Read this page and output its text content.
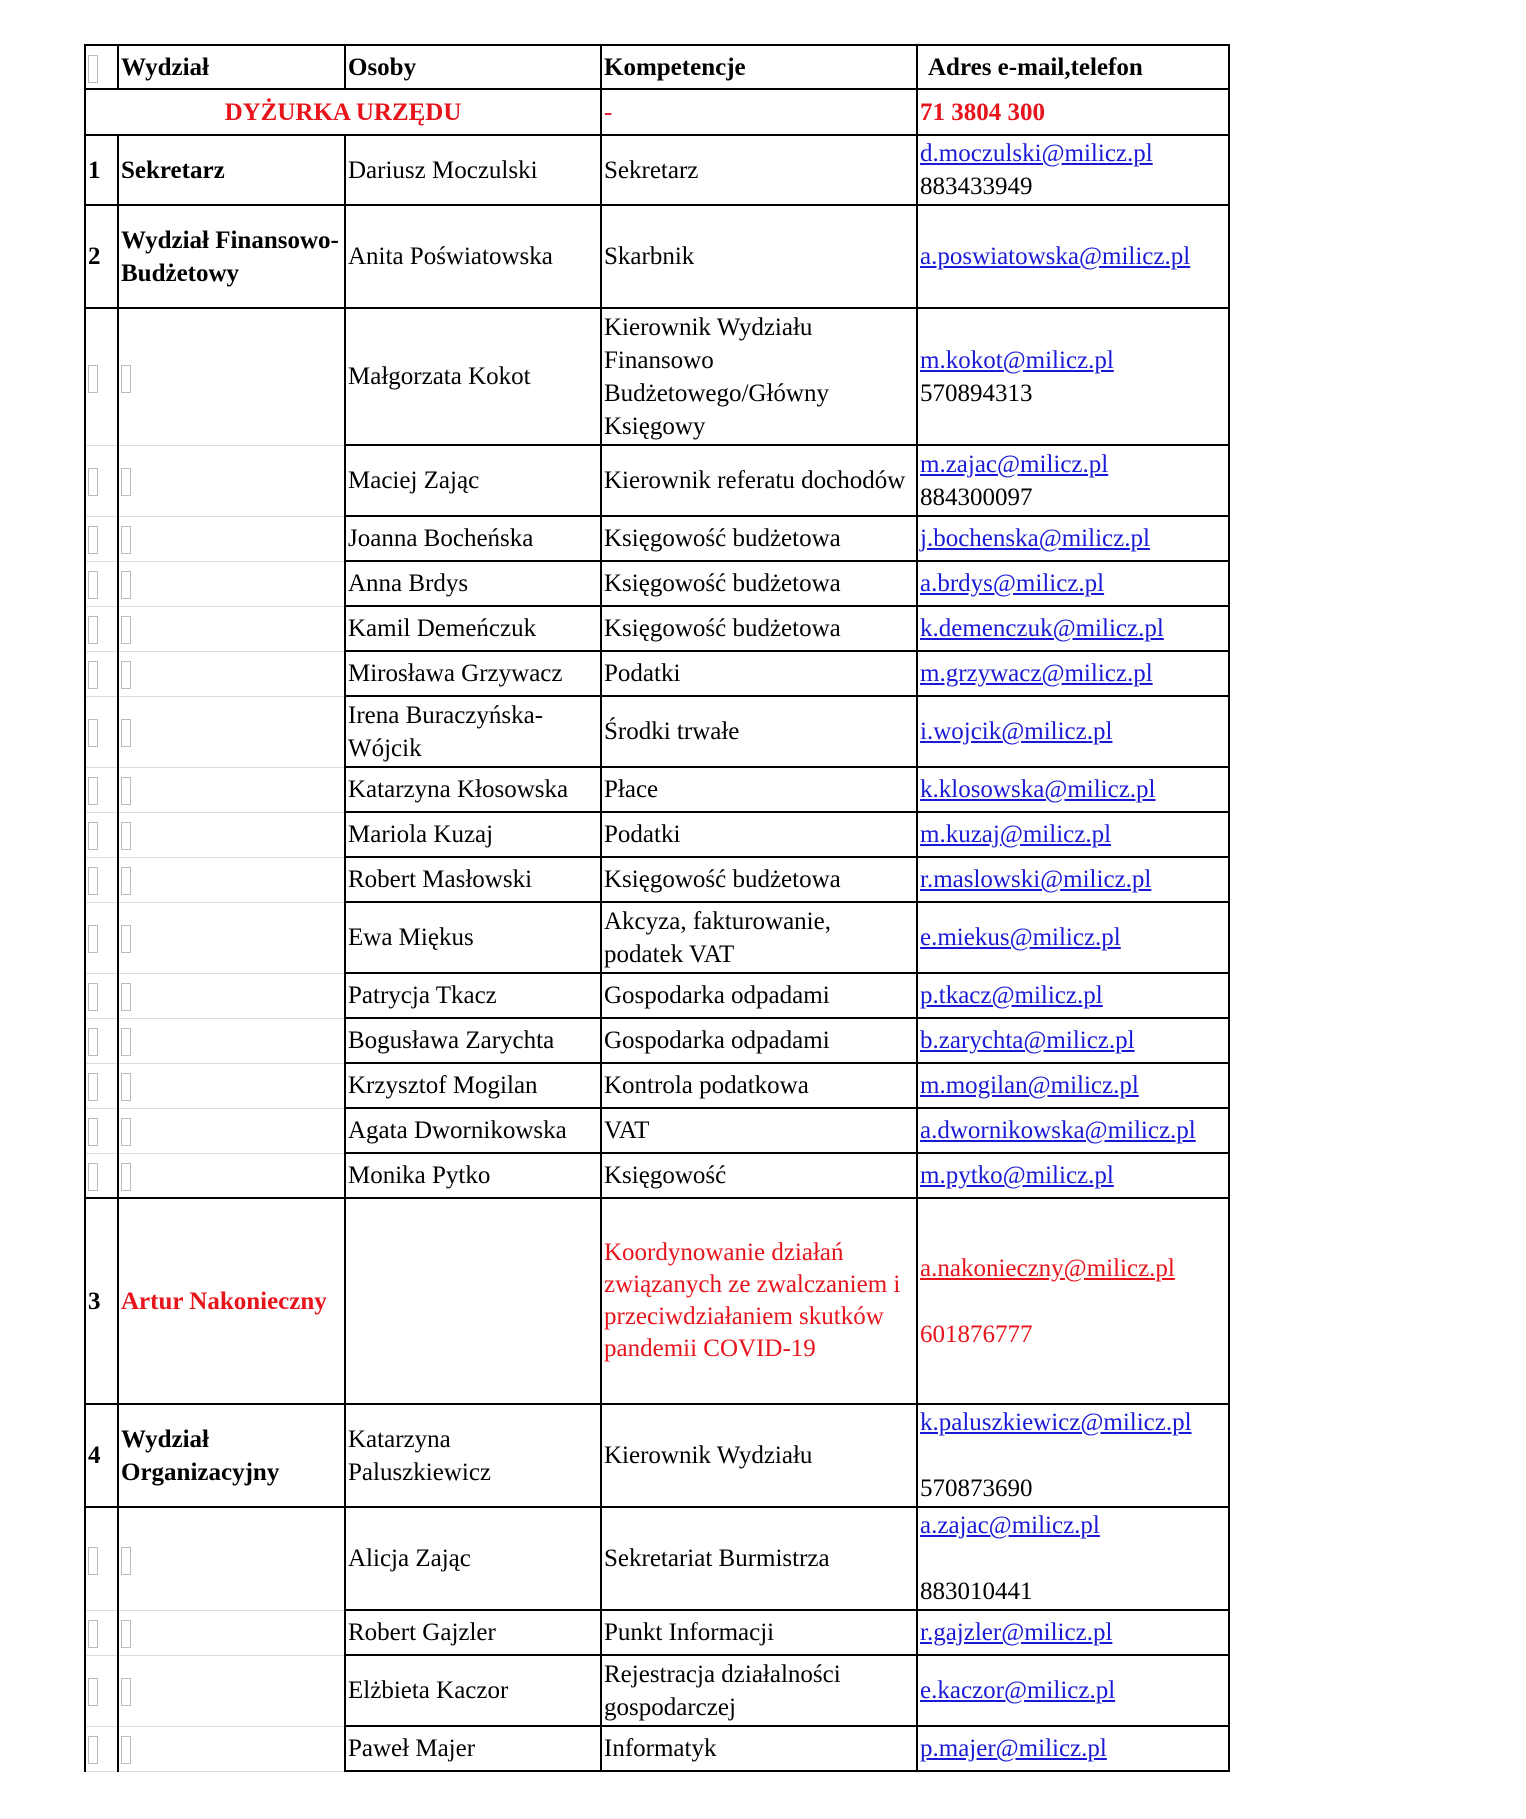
	Wydział	Osoby	Kompetencje	Adres e-mail,telefon
DYŻURKA URZĘDU			-	71 3804 300
1	Sekretarz	Dariusz Moczulski	Sekretarz	d.moczulski@milicz.pl
883433949
2	Wydział Finansowo-Budżetowy	Anita Poświatowska	Skarbnik	a.poswiatowska@milicz.pl
		Małgorzata Kokot	Kierownik Wydziału Finansowo Budżetowego/Główny Księgowy	m.kokot@milicz.pl
570894313
		Maciej Zając	Kierownik referatu dochodów	m.zajac@milicz.pl
884300097
		Joanna Bocheńska	Księgowość budżetowa	j.bochenska@milicz.pl
		Anna Brdys	Księgowość budżetowa	a.brdys@milicz.pl
		Kamil Demeńczuk	Księgowość budżetowa	k.demenczuk@milicz.pl
		Mirosława Grzywacz	Podatki	m.grzywacz@milicz.pl
		Irena Buraczyńska-Wójcik	Środki trwałe	i.wojcik@milicz.pl
		Katarzyna Kłosowska	Płace	k.klosowska@milicz.pl
		Mariola Kuzaj	Podatki	m.kuzaj@milicz.pl
		Robert Masłowski	Księgowość budżetowa	r.maslowski@milicz.pl
		Ewa Miękus	Akcyza, fakturowanie, podatek VAT	e.miekus@milicz.pl
		Patrycja Tkacz	Gospodarka odpadami	p.tkacz@milicz.pl
		Bogusława Zarychta	Gospodarka odpadami	b.zarychta@milicz.pl
		Krzysztof Mogilan	Kontrola podatkowa	m.mogilan@milicz.pl
		Agata Dwornikowska	VAT	a.dwornikowska@milicz.pl
		Monika Pytko	Księgowość	m.pytko@milicz.pl
3	Artur Nakonieczny		Koordynowanie działań związanych ze zwalczaniem i przeciwdziałaniem skutków pandemii COVID-19	a.nakonieczny@milicz.pl

601876777
4	Wydział Organizacyjny	Katarzyna Paluszkiewicz	Kierownik Wydziału	k.paluszkiewicz@milicz.pl

570873690
		Alicja Zając	Sekretariat Burmistrza	a.zajac@milicz.pl

883010441
		Robert Gajzler	Punkt Informacji	r.gajzler@milicz.pl
		Elżbieta Kaczor	Rejestracja działalności gospodarczej	e.kaczor@milicz.pl
		Paweł Majer	Informatyk	p.majer@milicz.pl
